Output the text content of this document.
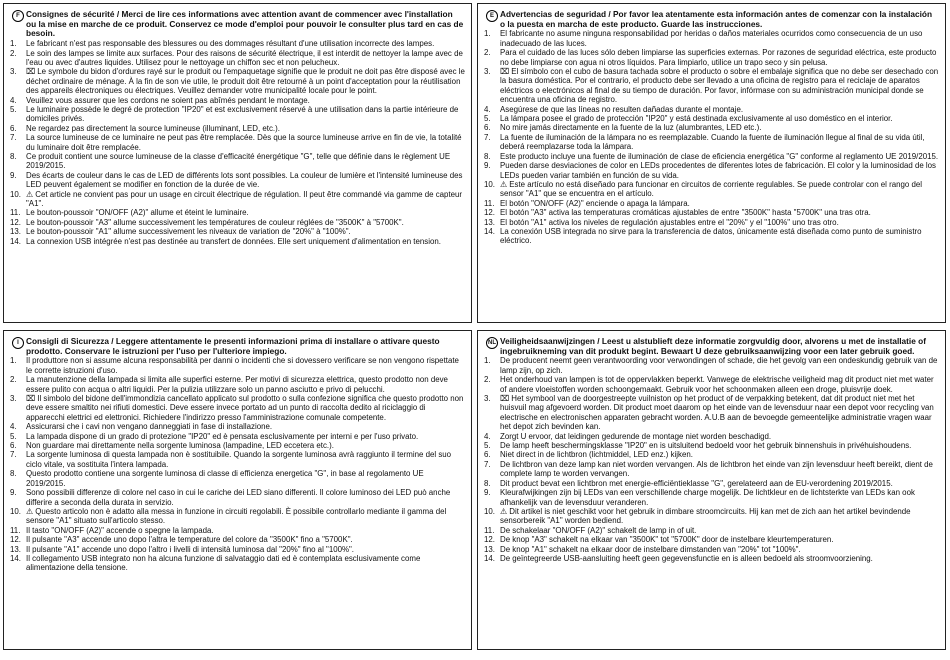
F Consignes de sécurité / Merci de lire ces informations avec attention avant de commencer avec l'installation ou la mise en marche de ce produit. Conservez ce mode d'emploi pour pouvoir le consulter plus tard en cas de besoin.
1.	Le fabricant n'est pas responsable des blessures ou des dommages résultant d'une utilisation incorrecte des lampes.
2.	Le soin des lampes se limite aux surfaces. Pour des raisons de sécurité électrique, il est interdit de nettoyer la lampe avec de l'eau ou avec d'autres liquides. Utilisez pour le nettoyage un chiffon sec et non pelucheux.
3.	⌧ Le symbole du bidon d'ordures rayé sur le produit ou l'empaquetage signifie que le produit ne doit pas être disposé avec le déchet ordinaire de ménage. À la fin de son vie utile, le produit doit être retourné à un point d'acceptation pour la réutilisation des appareils électroniques ou électriques. Veuillez demander votre municipalité locale pour le point.
4.	Veuillez vous assurer que les cordons ne soient pas abîmés pendant le montage.
5.	Le luminaire possède le degré de protection "IP20" et est exclusivement réservé à une utilisation dans la partie intérieure de domiciles privés.
6.	Ne regardez pas directement la source lumineuse (illuminant, LED, etc.).
7.	La source lumineuse de ce luminaire ne peut pas être remplacée. Dès que la source lumineuse arrive en fin de vie, la totalité du luminaire doit être remplacée.
8.	Ce produit contient une source lumineuse de la classe d'efficacité énergétique "G", telle que définie dans le règlement UE 2019/2015.
9.	Des écarts de couleur dans le cas de LED de différents lots sont possibles. La couleur de lumière et l'intensité lumineuse des LED peuvent également se modifier en fonction de la durée de vie.
10. ⚠ Cet article ne convient pas pour un usage en circuit électrique de régulation. Il peut être commandé via gamme de capteur "A1".
11. Le bouton-poussoir "ON/OFF (A2)" allume et éteint le luminaire.
12. Le bouton-poussoir "A3" allume successivement les températures de couleur réglées de "3500K" à "5700K".
13. Le bouton-poussoir "A1" allume successivement les niveaux de variation de "20%" à "100%".
14. La connexion USB intégrée n'est pas destinée au transfert de données. Elle sert uniquement d'alimentation en tension.
E Advertencias de seguridad / Por favor lea atentamente esta información antes de comenzar con la instalación o la puesta en marcha de este producto. Guarde las instrucciones.
1.	El fabricante no asume ninguna responsabilidad por heridas o daños materiales ocurridos como consecuencia de un uso inadecuado de las luces.
2.	Para el cuidado de las luces sólo deben limpiarse las superficies externas. Por razones de seguridad eléctrica, este producto no debe limpiarse con agua ni otros líquidos. Para limpiarlo, utilice un trapo seco y sin pelusa.
3.	⌧ El símbolo con el cubo de basura tachada sobre el producto o sobre el embalaje significa que no debe ser desechado con la basura doméstica. Por el contrario, el producto debe ser llevado a una oficina de registro para el reciclaje de aparatos eléctricos o electrónicos al final de su tiempo de duración. Por favor, infórmase con su administración municipal donde se encuentra una oficina de registro.
4.	Asegúrese de que las líneas no resulten dañadas durante el montaje.
5.	La lámpara posee el grado de protección "IP20" y está destinada exclusivamente al uso doméstico en el interior.
6.	No mire jamás directamente en la fuente de la luz (alumbrantes, LED etc.).
7.	La fuente de iluminación de la lámpara no es reemplazable. Cuando la fuente de iluminación llegue al final de su vida útil, deberá reemplazarse toda la lámpara.
8.	Este producto incluye una fuente de iluminación de clase de eficiencia energética "G" conforme al reglamento UE 2019/2015.
9.	Pueden darse desviaciones de color en LEDs procedentes de diferentes lotes de fabricación. El color y la luminosidad de los LEDs pueden variar también en función de su vida.
10. ⚠ Este artículo no está diseñado para funcionar en circuitos de corriente regulables. Se puede controlar con el rango del sensor "A1" que se encuentra en el artículo.
11. El botón "ON/OFF (A2)" enciende o apaga la lámpara.
12. El botón "A3" activa las temperaturas cromáticas ajustables de entre "3500K" hasta "5700K" una tras otra.
13. El botón "A1" activa los niveles de regulación ajustables entre el "20%" y el "100%" uno tras otro.
14. La conexión USB integrada no sirve para la transferencia de datos, únicamente está diseñada como punto de suministro eléctrico.
I Consigli di Sicurezza / Leggere attentamente le presenti informazioni prima di installare o attivare questo prodotto. Conservare le istruzioni per l'uso per l'ulteriore impiego.
1.	Il produttore non si assume alcuna responsabilità per danni o incidenti che si dovessero verificare se non vengono rispettate le corrette istruzioni d'uso.
2.	La manutenzione della lampada si limita alle superfici esterne. Per motivi di sicurezza elettrica, questo prodotto non deve essere pulito con acqua o altri liquidi. Per la pulizia utilizzare solo un panno asciutto e privo di pelucchi.
3.	⌧ Il simbolo del bidone dell'immondizia cancellato applicato sul prodotto o sulla confezione significa che questo prodotto non deve essere smaltito nei rifiuti domestici. Deve essere invece portato ad un punto di raccolta dedito al riciclaggio di apparecchi elettrici ed elettronici. Richiedere l'indirizzo presso l'amministrazione comunale competente.
4.	Assicurarsi che i cavi non vengano danneggiati in fase di installazione.
5.	La lampada dispone di un grado di protezione "IP20" ed è pensata esclusivamente per interni e per l'uso privato.
6.	Non guardare mai direttamente nella sorgente luminosa (lampadine, LED eccetera etc.).
7.	La sorgente luminosa di questa lampada non è sostituibile. Quando la sorgente luminosa avrà raggiunto il termine del suo ciclo vitale, va sostituita l'intera lampada.
8.	Questo prodotto contiene una sorgente luminosa di classe di efficienza energetica "G", in base al regolamento UE 2019/2015.
9.	Sono possibili differenze di colore nel caso in cui le cariche dei LED siano differenti. Il colore luminoso dei LED può anche differire a seconda della durata in servizio.
10. ⚠ Questo articolo non è adatto alla messa in funzione in circuiti regolabili. È possibile controllarlo mediante il gamma del sensore "A1" situato sull'articolo stesso.
11. Il tasto "ON/OFF (A2)" accende o spegne la lampada.
12. Il pulsante "A3" accende uno dopo l'altra le temperature del colore da "3500K" fino a "5700K".
13. Il pulsante "A1" accende uno dopo l'altro i livelli di intensità luminosa dal "20%" fino al "100%".
14. Il collegamento USB integrato non ha alcuna funzione di salvataggio dati ed è contemplata esclusivamente come alimentazione della tensione.
NL Veiligheidsaanwijzingen / Leest u alstublieft deze informatie zorgvuldig door, alvorens u met de installatie of ingebruikneming van dit produkt begint. Bewaart U deze gebruiksaanwijzing voor een later gebruik goed.
1.	De producent neemt geen verantwoording voor verwondingen of schade, die het gevolg van een ondeskundig gebruik van de lamp zijn, op zich.
2.	Het onderhoud van lampen is tot de oppervlakken beperkt. Vanwege de elektrische veiligheid mag dit product niet met water of andere vloeistoffen worden schoongemaakt. Gebruik voor het schoonmaken alleen een droge, pluisvrije doek.
3.	⌧ Het symbool van de doorgestreepte vuilniston op het product of de verpakking betekent, dat dit product niet met het huisvuil mag afgevoerd worden. Dit product moet daarom op het einde van de levensduur naar een depot voor recycling van electrische en electronischen apparaten gebracht worden. A.U.B aan de bevoegde gemeentelijke administratie vragen waar het depot zich bevinden kan.
4.	Zorgt U ervoor, dat leidingen gedurende de montage niet worden beschadigd.
5.	De lamp heeft beschermingsklasse "IP20" en is uitsluitend bedoeld voor het gebruik binnenshuis in privéhuishoudens.
6.	Niet direct in de lichtbron (lichtmiddel, LED enz.) kijken.
7.	De lichtbron van deze lamp kan niet worden vervangen. Als de lichtbron het einde van zijn levensduur heeft bereikt, dient de complete lamp te worden vervangen.
8.	Dit product bevat een lichtbron met energie-efficiëntieklasse "G", gerelateerd aan de EU-verordening 2019/2015.
9.	Kleurafwijkingen zijn bij LEDs van een verschillende charge mogelijk. De lichtkleur en de lichtsterkte van LEDs kan ook afhankelijk van de levensduur veranderen.
10. ⚠ Dit artikel is niet geschikt voor het gebruik in dimbare stroomcircuits. Hij kan met de zich aan het artikel bevindende sensorbereik "A1" worden bediend.
11. De schakelaar "ON/OFF (A2)" schakelt de lamp in of uit.
12. De knop "A3" schakelt na elkaar van "3500K" tot "5700K" door de instelbare kleurtemperaturen.
13. De knop "A1" schakelt na elkaar door de instelbare dimstanden van "20%" tot "100%".
14. De geïntegreerde USB-aansluiting heeft geen gegevensfunctie en is alleen bedoeld als stroomvoorziening.
